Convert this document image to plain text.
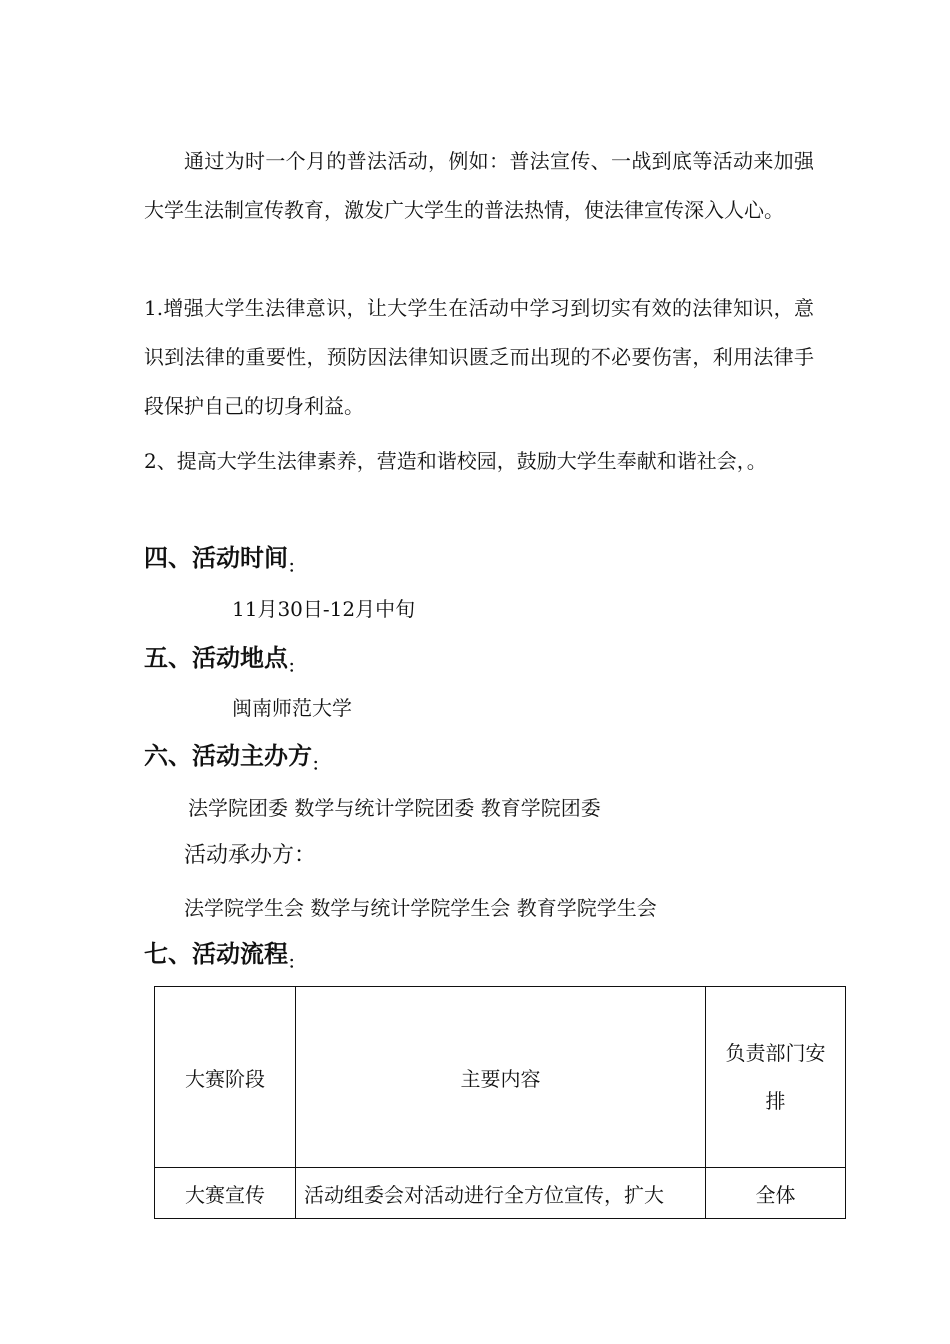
通过为时一个月的普法活动，例如：普法宣传、一战到底等活动来加强大学生法制宣传教育，激发广大学生的普法热情，使法律宣传深入人心。

1.增强大学生法律意识，让大学生在活动中学习到切实有效的法律知识，意识到法律的重要性，预防因法律知识匮乏而出现的不必要伤害，利用法律手段保护自己的切身利益。

2、提高大学生法律素养，营造和谐校园，鼓励大学生奉献和谐社会，。

四、活动时间$_:$

11月30日-12月中旬

五、活动地点$_:$

闽南师范大学

六、活动主办方$_:$

法学院团委 数学与统计学院团委 教育学院团委

活动承办方：

法学院学生会 数学与统计学院学生会 教育学院学生会

七、活动流程$_:$
大赛阶段	主要内容	负责部门安
排
大赛宣传	活动组委会对活动进行全方位宣传，扩大	全体
